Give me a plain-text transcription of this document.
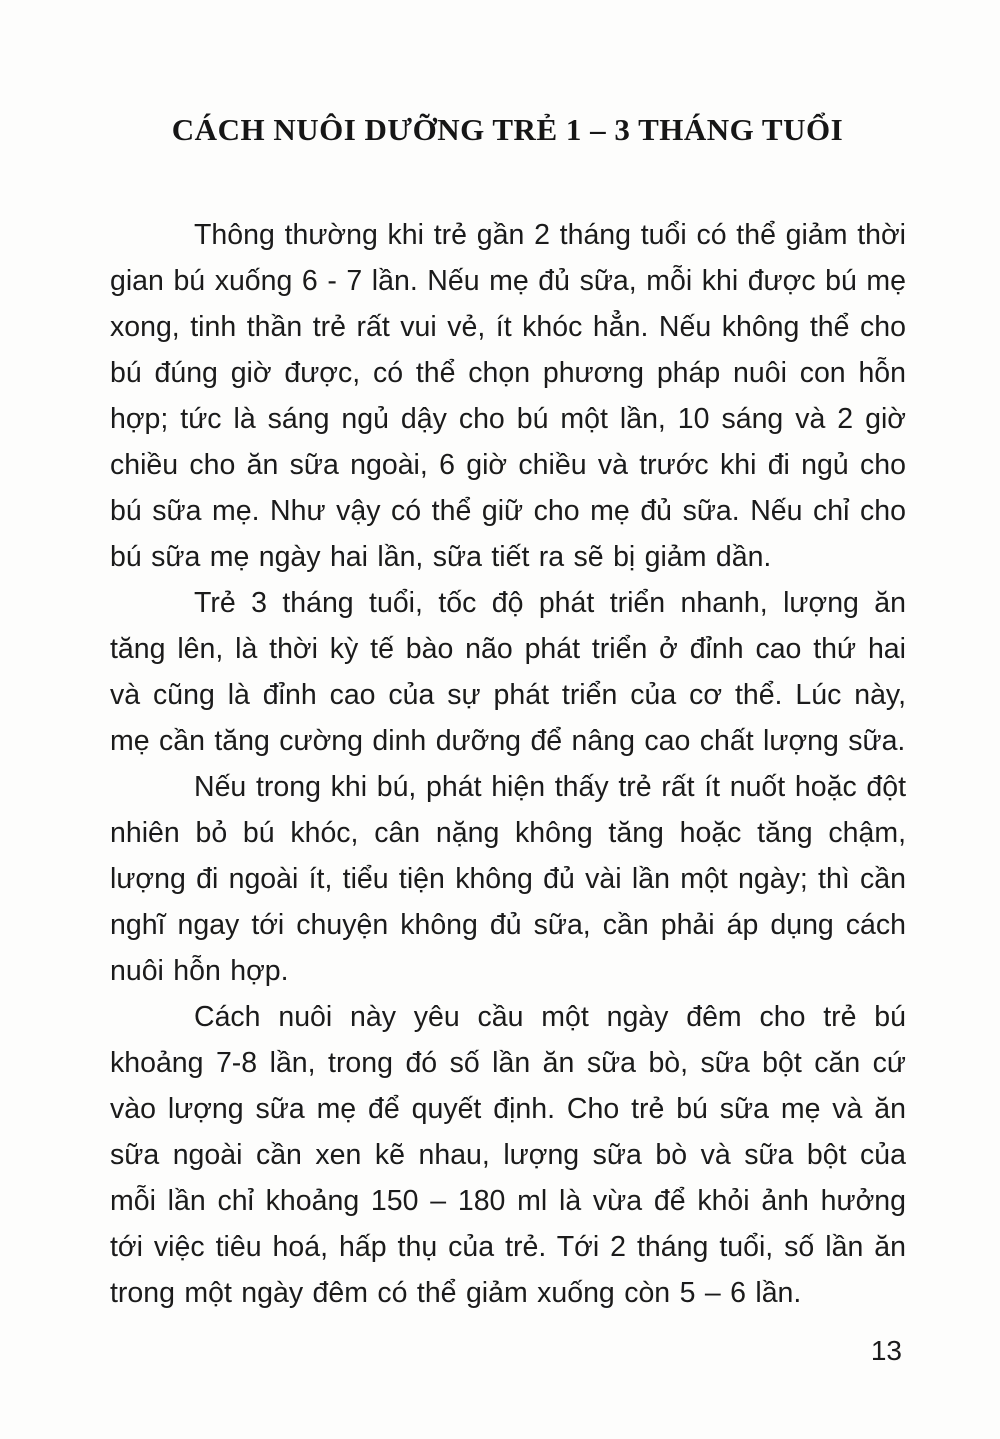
CÁCH NUÔI DƯỠNG TRẺ 1 – 3 THÁNG TUỔI

Thông thường khi trẻ gần 2 tháng tuổi có thể giảm thời gian bú xuống 6 - 7 lần. Nếu mẹ đủ sữa, mỗi khi được bú mẹ xong, tinh thần trẻ rất vui vẻ, ít khóc hẳn. Nếu không thể cho bú đúng giờ được, có thể chọn phương pháp nuôi con hỗn hợp; tức là sáng ngủ dậy cho bú một lần, 10 sáng và 2 giờ chiều cho ăn sữa ngoài, 6 giờ chiều và trước khi đi ngủ cho bú sữa mẹ. Như vậy có thể giữ cho mẹ đủ sữa. Nếu chỉ cho bú sữa mẹ ngày hai lần, sữa tiết ra sẽ bị giảm dần.

Trẻ 3 tháng tuổi, tốc độ phát triển nhanh, lượng ăn tăng lên, là thời kỳ tế bào não phát triển ở đỉnh cao thứ hai và cũng là đỉnh cao của sự phát triển của cơ thể. Lúc này, mẹ cần tăng cường dinh dưỡng để nâng cao chất lượng sữa.

Nếu trong khi bú, phát hiện thấy trẻ rất ít nuốt hoặc đột nhiên bỏ bú khóc, cân nặng không tăng hoặc tăng chậm, lượng đi ngoài ít, tiểu tiện không đủ vài lần một ngày; thì cần nghĩ ngay tới chuyện không đủ sữa, cần phải áp dụng cách nuôi hỗn hợp.

Cách nuôi này yêu cầu một ngày đêm cho trẻ bú khoảng 7-8 lần, trong đó số lần ăn sữa bò, sữa bột căn cứ vào lượng sữa mẹ để quyết định. Cho trẻ bú sữa mẹ và ăn sữa ngoài cần xen kẽ nhau, lượng sữa bò và sữa bột của mỗi lần chỉ khoảng 150 – 180 ml là vừa để khỏi ảnh hưởng tới việc tiêu hoá, hấp thụ của trẻ. Tới 2 tháng tuổi, số lần ăn trong một ngày đêm có thể giảm xuống còn 5 – 6 lần.

13
